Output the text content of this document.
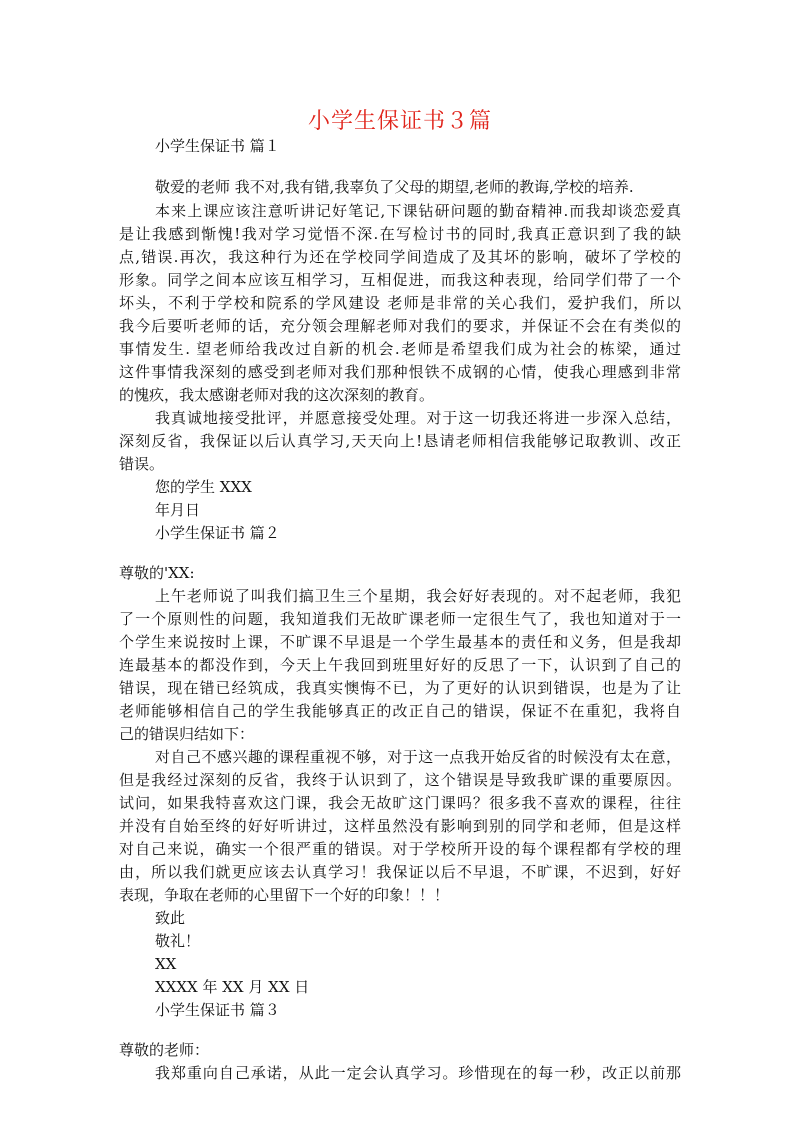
小学生保证书３篇
小学生保证书 篇１
敬爱的老师 我不对,我有错,我辜负了父母的期望,老师的教诲,学校的培养.
本来上课应该注意听讲记好笔记,下课钻研问题的勤奋精神.而我却谈恋爱真
是让我感到惭愧!我对学习觉悟不深.在写检讨书的同时,我真正意识到了我的缺
点,错误.再次，我这种行为还在学校同学间造成了及其坏的影响，破坏了学校的
形象。同学之间本应该互相学习，互相促进，而我这种表现，给同学们带了一个
坏头，不利于学校和院系的学风建设 老师是非常的关心我们，爱护我们，所以
我今后要听老师的话，充分领会理解老师对我们的要求，并保证不会在有类似的
事情发生. 望老师给我改过自新的机会.老师是希望我们成为社会的栋梁，通过
这件事情我深刻的感受到老师对我们那种恨铁不成钢的心情，使我心理感到非常
的愧疚，我太感谢老师对我的这次深刻的教育。
我真诚地接受批评，并愿意接受处理。对于这一切我还将进一步深入总结，
深刻反省，我保证以后认真学习,天天向上!恳请老师相信我能够记取教训、改正
错误。
您的学生 XXX
年月日
小学生保证书 篇２
尊敬的'XX:
上午老师说了叫我们搞卫生三个星期，我会好好表现的。对不起老师，我犯
了一个原则性的问题，我知道我们无故旷课老师一定很生气了，我也知道对于一
个学生来说按时上课，不旷课不早退是一个学生最基本的责任和义务，但是我却
连最基本的都没作到，今天上午我回到班里好好的反思了一下，认识到了自己的
错误，现在错已经筑成，我真实懊悔不已，为了更好的认识到错误，也是为了让
老师能够相信自己的学生我能够真正的改正自己的错误，保证不在重犯，我将自
己的错误归结如下：
对自己不感兴趣的课程重视不够，对于这一点我开始反省的时候没有太在意，
但是我经过深刻的反省，我终于认识到了，这个错误是导致我旷课的重要原因。
试问，如果我特喜欢这门课，我会无故旷这门课吗？很多我不喜欢的课程，往往
并没有自始至终的好好听讲过，这样虽然没有影响到别的同学和老师，但是这样
对自己来说，确实一个很严重的错误。对于学校所开设的每个课程都有学校的理
由，所以我们就更应该去认真学习！我保证以后不早退，不旷课，不迟到，好好
表现，争取在老师的心里留下一个好的印象！！！
致此
敬礼！
XX
XXXX 年 XX 月 XX 日
小学生保证书 篇３
尊敬的老师：
我郑重向自己承诺，从此一定会认真学习。珍惜现在的每一秒，改正以前那
